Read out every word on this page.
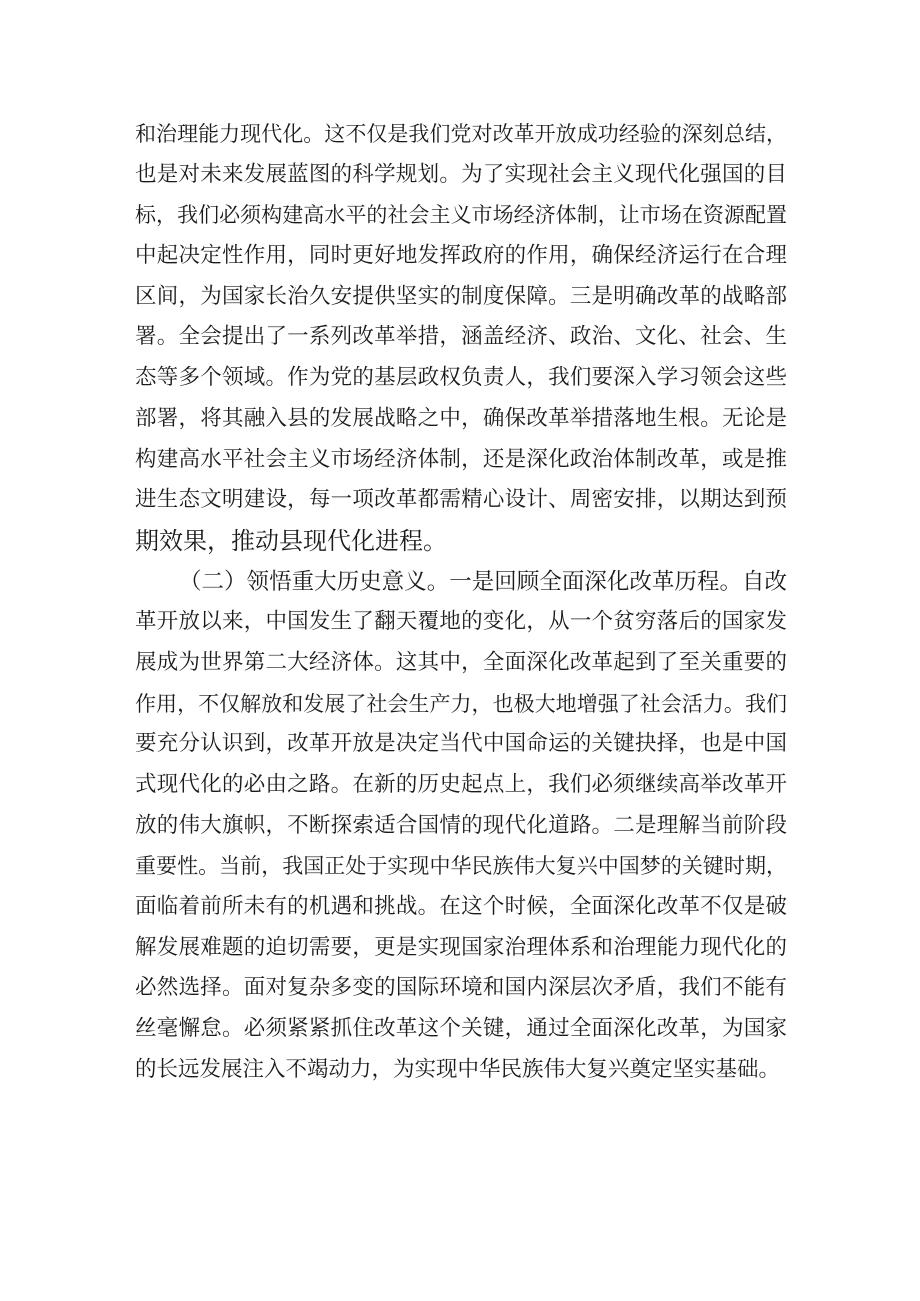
和治理能力现代化。这不仅是我们党对改革开放成功经验的深刻总结，
也是对未来发展蓝图的科学规划。为了实现社会主义现代化强国的目
标，我们必须构建高水平的社会主义市场经济体制，让市场在资源配置
中起决定性作用，同时更好地发挥政府的作用，确保经济运行在合理
区间，为国家长治久安提供坚实的制度保障。三是明确改革的战略部
署。全会提出了一系列改革举措，涵盖经济、政治、文化、社会、生
态等多个领域。作为党的基层政权负责人，我们要深入学习领会这些
部署，将其融入县的发展战略之中，确保改革举措落地生根。无论是
构建高水平社会主义市场经济体制，还是深化政治体制改革，或是推
进生态文明建设，每一项改革都需精心设计、周密安排，以期达到预
期效果，推动县现代化进程。
（二）领悟重大历史意义。一是回顾全面深化改革历程。自改
革开放以来，中国发生了翻天覆地的变化，从一个贫穷落后的国家发
展成为世界第二大经济体。这其中，全面深化改革起到了至关重要的
作用，不仅解放和发展了社会生产力，也极大地增强了社会活力。我们
要充分认识到，改革开放是决定当代中国命运的关键抉择，也是中国
式现代化的必由之路。在新的历史起点上，我们必须继续高举改革开
放的伟大旗帜，不断探索适合国情的现代化道路。二是理解当前阶段
重要性。当前，我国正处于实现中华民族伟大复兴中国梦的关键时期，
面临着前所未有的机遇和挑战。在这个时候，全面深化改革不仅是破
解发展难题的迫切需要，更是实现国家治理体系和治理能力现代化的
必然选择。面对复杂多变的国际环境和国内深层次矛盾，我们不能有
丝毫懈怠。必须紧紧抓住改革这个关键，通过全面深化改革，为国家
的长远发展注入不竭动力，为实现中华民族伟大复兴奠定坚实基础。
